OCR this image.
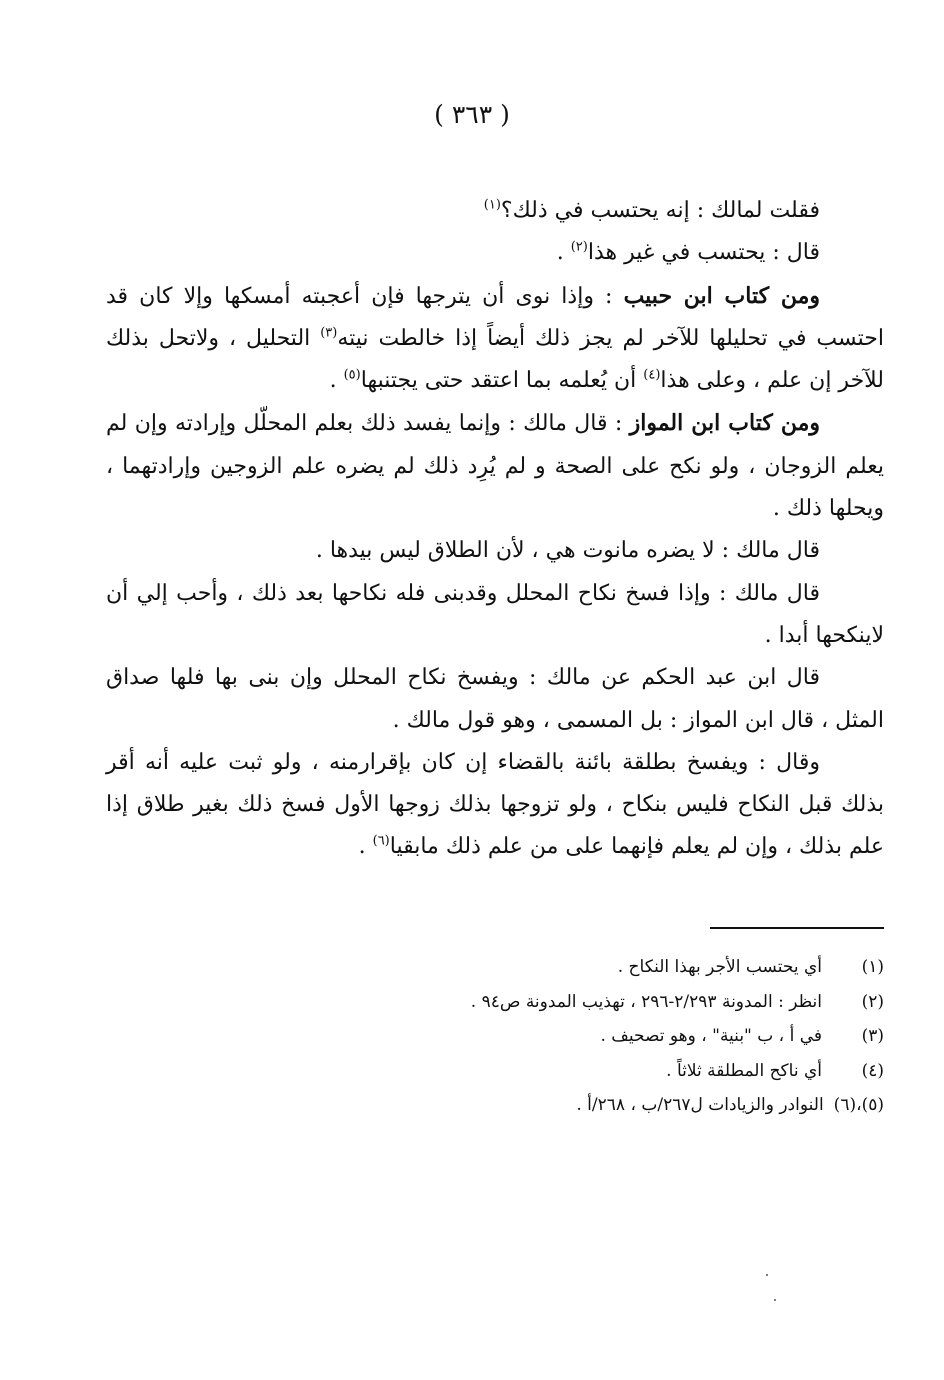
( ٣٦٣ )

فقلت لمالك : إنه يحتسب في ذلك؟$^{(١)}$

قال : يحتسب في غير هذا$^{(٢)}$ .

ومن كتاب ابن حبيب : وإذا نوى أن يترجها فإن أعجبته أمسكها وإلا كان قد احتسب في تحليلها للآخر لم يجز ذلك أيضاً إذا خالطت نيته$^{(٣)}$ التحليل ، ولاتحل بذلك للآخر إن علم ، وعلى هذا$^{(٤)}$ أن يُعلمه بما اعتقد حتى يجتنبها$^{(٥)}$ .

ومن كتاب ابن المواز : قال مالك : وإنما يفسد ذلك بعلم المحلّل وإرادته وإن لم يعلم الزوجان ، ولو نكح على الصحة و لم يُرِد ذلك لم يضره علم الزوجين وإرادتهما ، ويحلها ذلك .

قال مالك : لا يضره مانوت هي ، لأن الطلاق ليس بيدها .

قال مالك : وإذا فسخ نكاح المحلل وقدبنى فله نكاحها بعد ذلك ، وأحب إلي أن لاينكحها أبدا .

قال ابن عبد الحكم عن مالك : ويفسخ نكاح المحلل وإن بنى بها فلها صداق المثل ، قال ابن المواز : بل المسمى ، وهو قول مالك .

وقال : ويفسخ بطلقة بائنة بالقضاء إن كان بإقرارمنه ، ولو ثبت عليه أنه أقر بذلك قبل النكاح فليس بنكاح ، ولو تزوجها بذلك زوجها الأول فسخ ذلك بغير طلاق إذا علم بذلك ، وإن لم يعلم فإنهما على من علم ذلك مابقيا$^{(٦)}$ .

(١)
أي يحتسب الأجر بهذا النكاح .
(٢)
انظر : المدونة ٢/٢٩٣-٢٩٦ ، تهذيب المدونة ص٩٤ .
(٣)
في أ ، ب "بنية" ، وهو تصحيف .
(٤)
أي ناكح المطلقة ثلاثاً .
(٥)،(٦)
النوادر والزيادات ل٢٦٧/ب ، ٢٦٨/أ .
